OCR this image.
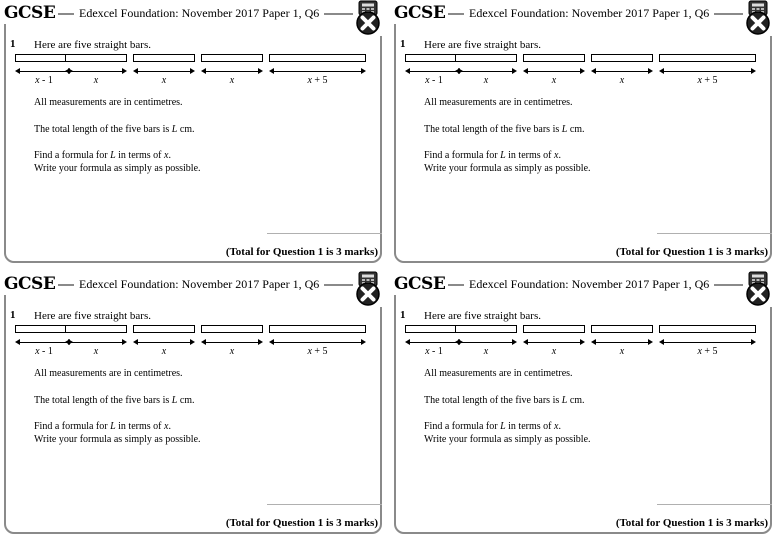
GCSE	Edexcel Foundation: November 2017 Paper 1, Q6
1 Here are five straight bars.
x - 1	x	x	x	x + 5
All measurements are in centimetres.
The total length of the five bars is L cm.
Find a formula for L in terms of x.
Write your formula as simply as possible.
(Total for Question 1 is 3 marks)
GCSE	Edexcel Foundation: November 2017 Paper 1, Q6
1 Here are five straight bars.
x - 1	x	x	x	x + 5
All measurements are in centimetres.
The total length of the five bars is L cm.
Find a formula for L in terms of x.
Write your formula as simply as possible.
(Total for Question 1 is 3 marks)
GCSE	Edexcel Foundation: November 2017 Paper 1, Q6
1 Here are five straight bars.
x - 1	x	x	x	x + 5
All measurements are in centimetres.
The total length of the five bars is L cm.
Find a formula for L in terms of x.
Write your formula as simply as possible.
(Total for Question 1 is 3 marks)
GCSE	Edexcel Foundation: November 2017 Paper 1, Q6
1 Here are five straight bars.
x - 1	x	x	x	x + 5
All measurements are in centimetres.
The total length of the five bars is L cm.
Find a formula for L in terms of x.
Write your formula as simply as possible.
(Total for Question 1 is 3 marks)
